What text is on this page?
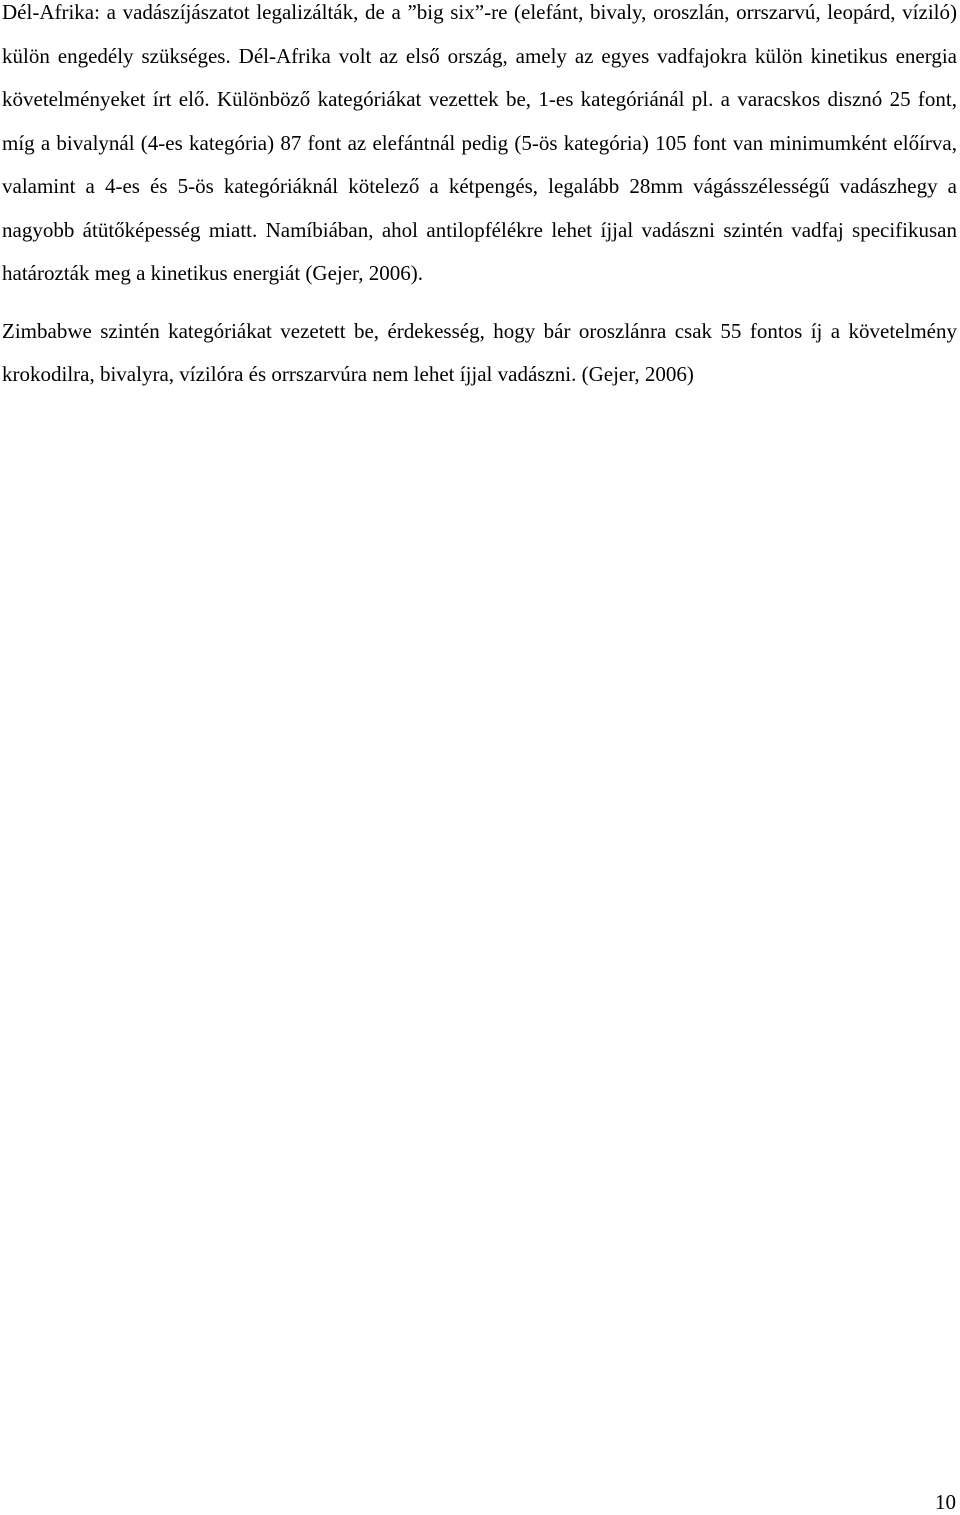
Dél-Afrika: a vadászíjászatot legalizálták, de a ”big six”-re (elefánt, bivaly, oroszlán, orrszarvú, leopárd, víziló) külön engedély szükséges. Dél-Afrika volt az első ország, amely az egyes vadfajokra külön kinetikus energia követelményeket írt elő. Különböző kategóriákat vezettek be, 1-es kategóriánál pl. a varacskos disznó 25 font, míg a bivalynál (4-es kategória) 87 font az elefántnál pedig (5-ös kategória) 105 font van minimumként előírva, valamint a 4-es és 5-ös kategóriáknál kötelező a kétpengés, legalább 28mm vágásszélességű vadászhegy a nagyobb átütőképesség miatt. Namíbiában, ahol antilopfélékre lehet íjjal vadászni szintén vadfaj specifikusan határozták meg a kinetikus energiát (Gejer, 2006).

Zimbabwe szintén kategóriákat vezetett be, érdekesség, hogy bár oroszlánra csak 55 fontos íj a követelmény krokodilra, bivalyra, vízilóra és orrszarvúra nem lehet íjjal vadászni. (Gejer, 2006)

10
